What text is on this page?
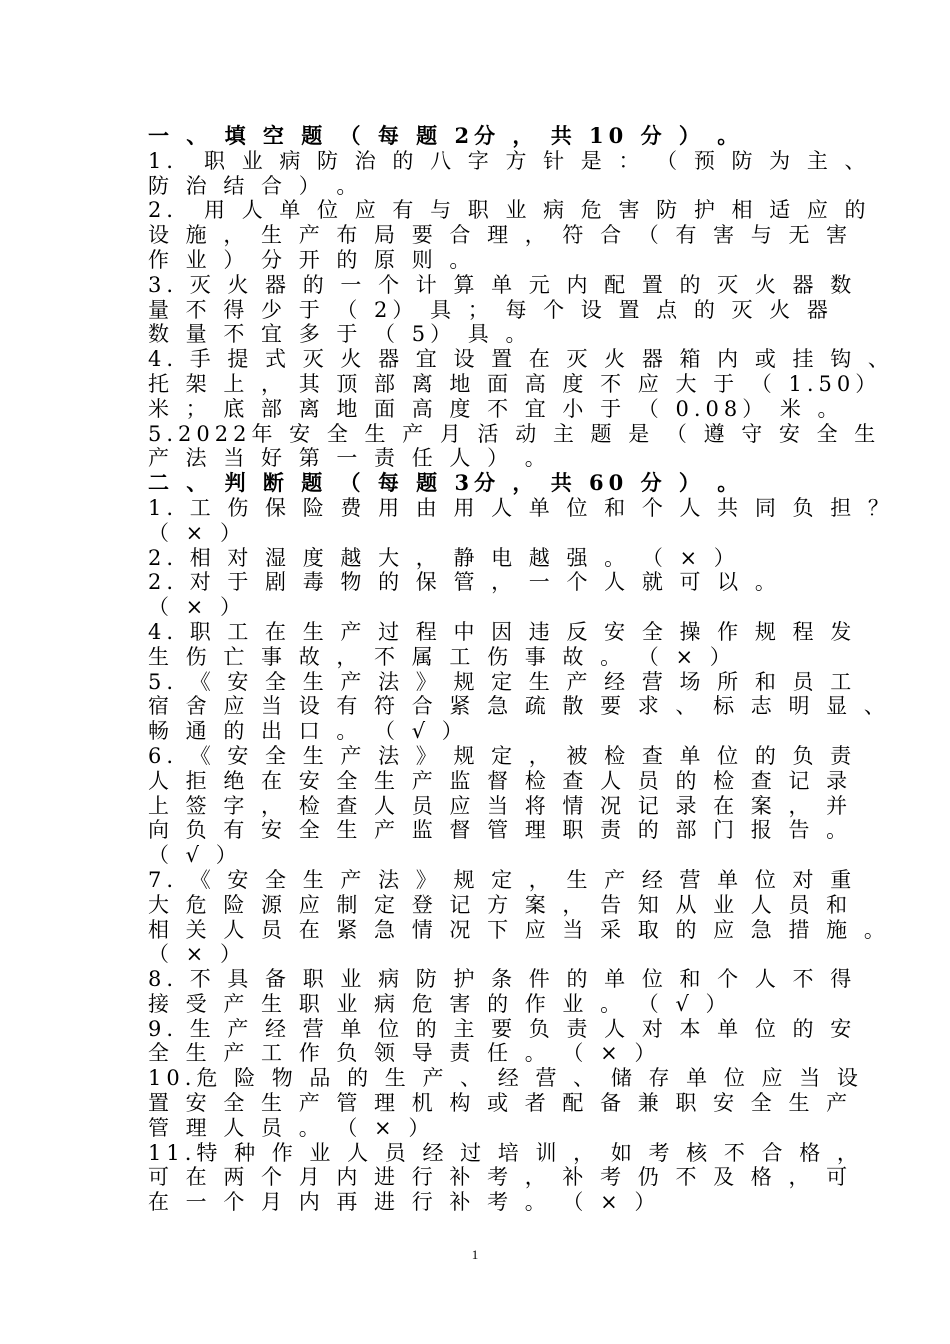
一 、 填 空 题 （ 每 题 2分 ， 共 10 分 ） 。
1． 职 业 病 防 治 的 八 字 方 针 是 ： （ 预 防 为 主 、
防 治 结 合 ） 。
2． 用 人 单 位 应 有 与 职 业 病 危 害 防 护 相 适 应 的
设 施 ， 生 产 布 局 要 合 理 ， 符 合 （ 有 害 与 无 害
作 业 ） 分 开 的 原 则 。
3. 灭 火 器 的 一 个 计 算 单 元 内 配 置 的 灭 火 器 数
量 不 得 少 于 （ 2） 具 ； 每 个 设 置 点 的 灭 火 器
数 量 不 宜 多 于 （ 5） 具 。
4. 手 提 式 灭 火 器 宜 设 置 在 灭 火 器 箱 内 或 挂 钩 、
托 架 上 ， 其 顶 部 离 地 面 高 度 不 应 大 于 （ 1.50）
米 ； 底 部 离 地 面 高 度 不 宜 小 于 （ 0.08） 米 。
5.2022年 安 全 生 产 月 活 动 主 题 是 （ 遵 守 安 全 生
产 法 当 好 第 一 责 任 人 ） 。
二 、 判 断 题 （ 每 题 3分 ， 共 60 分 ） 。
1. 工 伤 保 险 费 用 由 用 人 单 位 和 个 人 共 同 负 担 ？
（ × ）
2. 相 对 湿 度 越 大 ， 静 电 越 强 。 （ × ）
2. 对 于 剧 毒 物 的 保 管 ， 一 个 人 就 可 以 。
（ × ）
4. 职 工 在 生 产 过 程 中 因 违 反 安 全 操 作 规 程 发
生 伤 亡 事 故 ， 不 属 工 伤 事 故 。 （ × ）
5. 《 安 全 生 产 法 》 规 定 生 产 经 营 场 所 和 员 工
宿 舍 应 当 设 有 符 合 紧 急 疏 散 要 求 、 标 志 明 显 、
畅 通 的 出 口 。 （ √ ）
6. 《 安 全 生 产 法 》 规 定 ， 被 检 查 单 位 的 负 责
人 拒 绝 在 安 全 生 产 监 督 检 查 人 员 的 检 查 记 录
上 签 字 ， 检 查 人 员 应 当 将 情 况 记 录 在 案 ， 并
向 负 有 安 全 生 产 监 督 管 理 职 责 的 部 门 报 告 。
（ √ ）
7. 《 安 全 生 产 法 》 规 定 ， 生 产 经 营 单 位 对 重
大 危 险 源 应 制 定 登 记 方 案 ， 告 知 从 业 人 员 和
相 关 人 员 在 紧 急 情 况 下 应 当 采 取 的 应 急 措 施 。
（ × ）
8. 不 具 备 职 业 病 防 护 条 件 的 单 位 和 个 人 不 得
接 受 产 生 职 业 病 危 害 的 作 业 。 （ √ ）
9. 生 产 经 营 单 位 的 主 要 负 责 人 对 本 单 位 的 安
全 生 产 工 作 负 领 导 责 任 。 （ × ）
10.危 险 物 品 的 生 产 、 经 营 、 储 存 单 位 应 当 设
置 安 全 生 产 管 理 机 构 或 者 配 备 兼 职 安 全 生 产
管 理 人 员 。 （ × ）
11.特 种 作 业 人 员 经 过 培 训 ， 如 考 核 不 合 格 ，
可 在 两 个 月 内 进 行 补 考 ， 补 考 仍 不 及 格 ， 可
在 一 个 月 内 再 进 行 补 考 。 （ × ）
1
